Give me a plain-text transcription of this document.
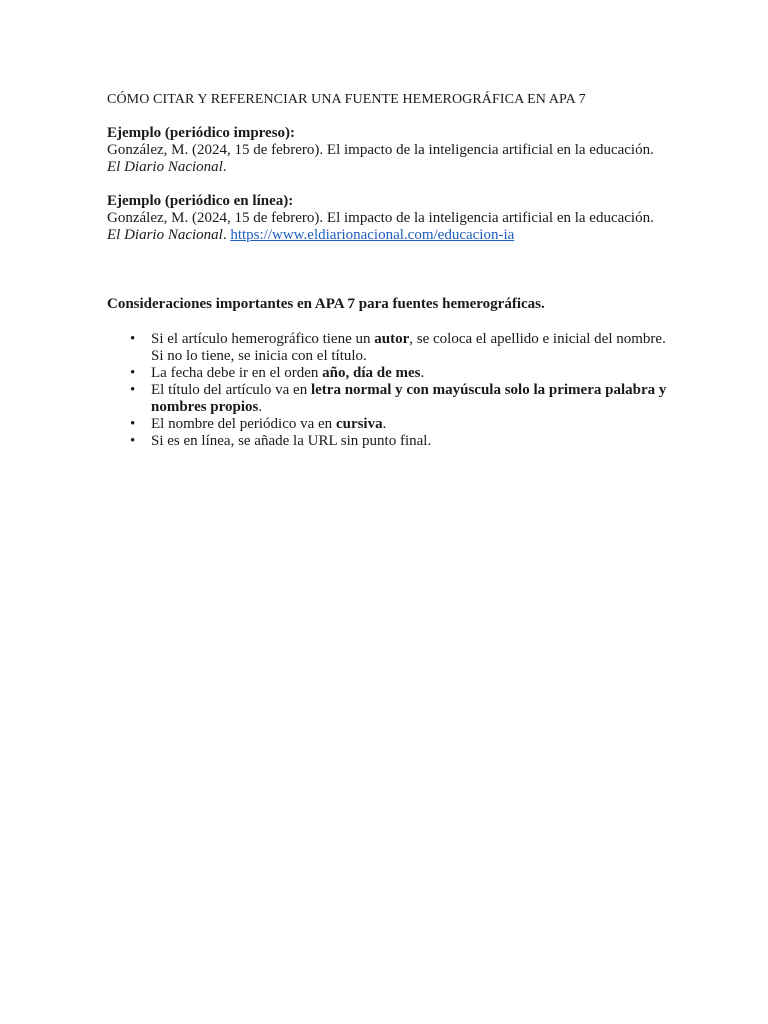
CÓMO CITAR Y REFERENCIAR UNA FUENTE HEMEROGRÁFICA EN APA 7

Ejemplo (periódico impreso):

González, M. (2024, 15 de febrero). El impacto de la inteligencia artificial en la educación. El Diario Nacional.

Ejemplo (periódico en línea):

González, M. (2024, 15 de febrero). El impacto de la inteligencia artificial en la educación. El Diario Nacional. https://www.eldiarionacional.com/educacion-ia

Consideraciones importantes en APA 7 para fuentes hemerográficas.

• Si el artículo hemerográfico tiene un autor, se coloca el apellido e inicial del nombre. Si no lo tiene, se inicia con el título.
• La fecha debe ir en el orden año, día de mes.
• El título del artículo va en letra normal y con mayúscula solo la primera palabra y nombres propios.
• El nombre del periódico va en cursiva.
• Si es en línea, se añade la URL sin punto final.
